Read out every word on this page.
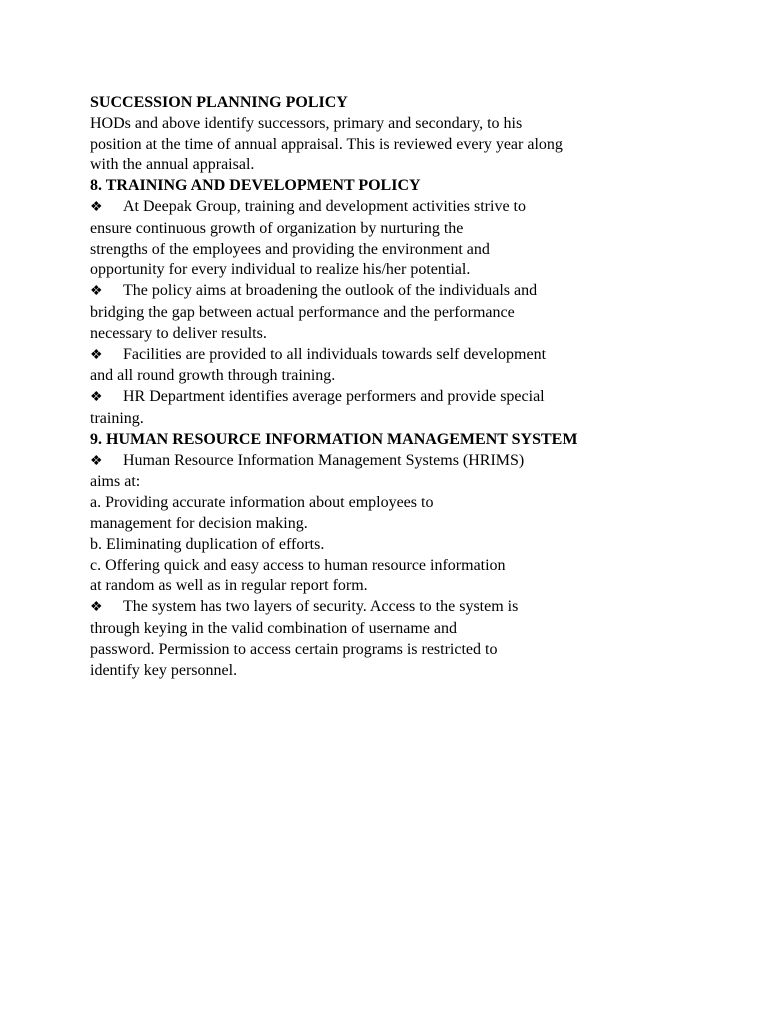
SUCCESSION PLANNING POLICY
HODs and above identify successors, primary and secondary, to his
position at the time of annual appraisal. This is reviewed every year along
with the annual appraisal.
8. TRAINING AND DEVELOPMENT POLICY
❖ At Deepak Group, training and development activities strive to
ensure continuous growth of organization by nurturing the
strengths of the employees and providing the environment and
opportunity for every individual to realize his/her potential.
❖ The policy aims at broadening the outlook of the individuals and
bridging the gap between actual performance and the performance
necessary to deliver results.
❖ Facilities are provided to all individuals towards self development
and all round growth through training.
❖ HR Department identifies average performers and provide special
training.
9. HUMAN RESOURCE INFORMATION MANAGEMENT SYSTEM
❖ Human Resource Information Management Systems (HRIMS)
aims at:
a. Providing accurate information about employees to
management for decision making.
b. Eliminating duplication of efforts.
c. Offering quick and easy access to human resource information
at random as well as in regular report form.
❖ The system has two layers of security. Access to the system is
through keying in the valid combination of username and
password. Permission to access certain programs is restricted to
identify key personnel.
